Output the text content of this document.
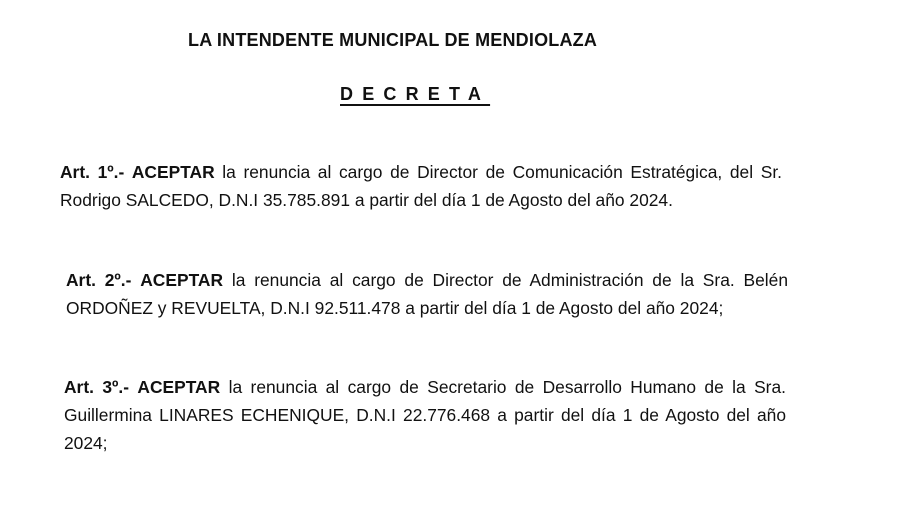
LA INTENDENTE MUNICIPAL DE MENDIOLAZA
DECRETA
Art. 1º.- ACEPTAR la renuncia al cargo de Director de Comunicación Estratégica, del Sr. Rodrigo SALCEDO, D.N.I 35.785.891 a partir del día 1 de Agosto del año 2024.
Art. 2º.- ACEPTAR la renuncia al cargo de Director de Administración de la Sra. Belén ORDOÑEZ y REVUELTA, D.N.I 92.511.478 a partir del día 1 de Agosto del año 2024;
Art. 3º.- ACEPTAR la renuncia al cargo de Secretario de Desarrollo Humano de la Sra. Guillermina LINARES ECHENIQUE, D.N.I 22.776.468 a partir del día 1 de Agosto del año 2024;
